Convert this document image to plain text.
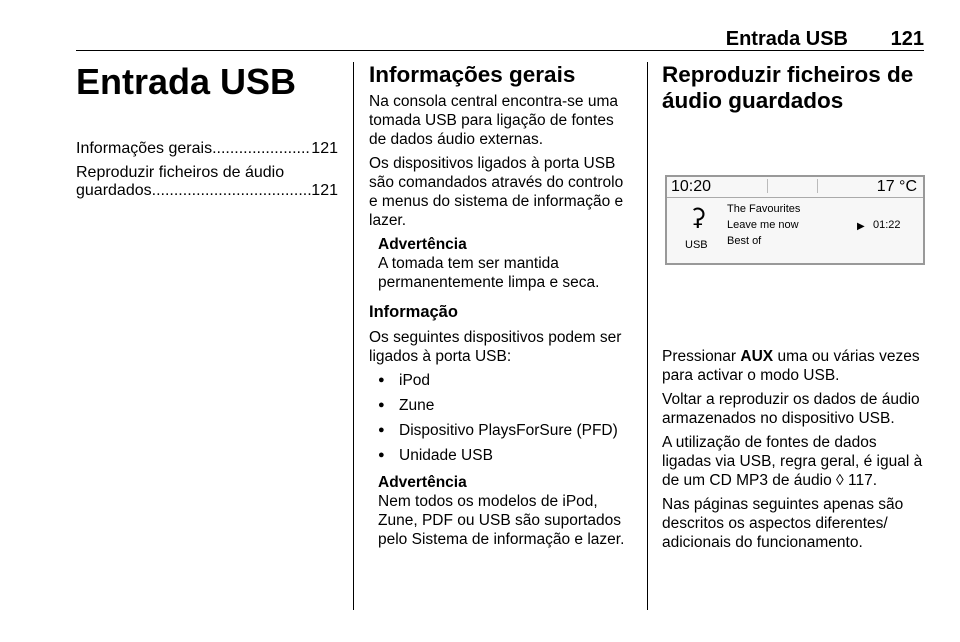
Entrada USB 121
Entrada USB
Informações gerais .....	121
Reproduzir ficheiros de áudio
guardados .....	121
Informações gerais

Na consola central encontra-se uma tomada USB para ligação de fontes de dados áudio externas.

Os dispositivos ligados à porta USB são comandados através do controlo e menus do sistema de informação e lazer.

Advertência
A tomada tem ser mantida permanentemente limpa e seca.
Informação

Os seguintes dispositivos podem ser ligados à porta USB:

● iPod
● Zune
● Dispositivo PlaysForSure (PFD)
● Unidade USB
Advertência
Nem todos os modelos de iPod, Zune, PDF ou USB são suportados pelo Sistema de informação e lazer.
Reproduzir ficheiros de áudio guardados
10:20	17 °C
⚳
USB
The Favourites
Leave me now
Best of
▶ 01:22

Pressionar AUX uma ou várias vezes para activar o modo USB.

Voltar a reproduzir os dados de áudio armazenados no dispositivo USB.

A utilização de fontes de dados ligadas via USB, regra geral, é igual à de um CD MP3 de áudio ◊ 117.

Nas páginas seguintes apenas são descritos os aspectos diferentes/ adicionais do funcionamento.
